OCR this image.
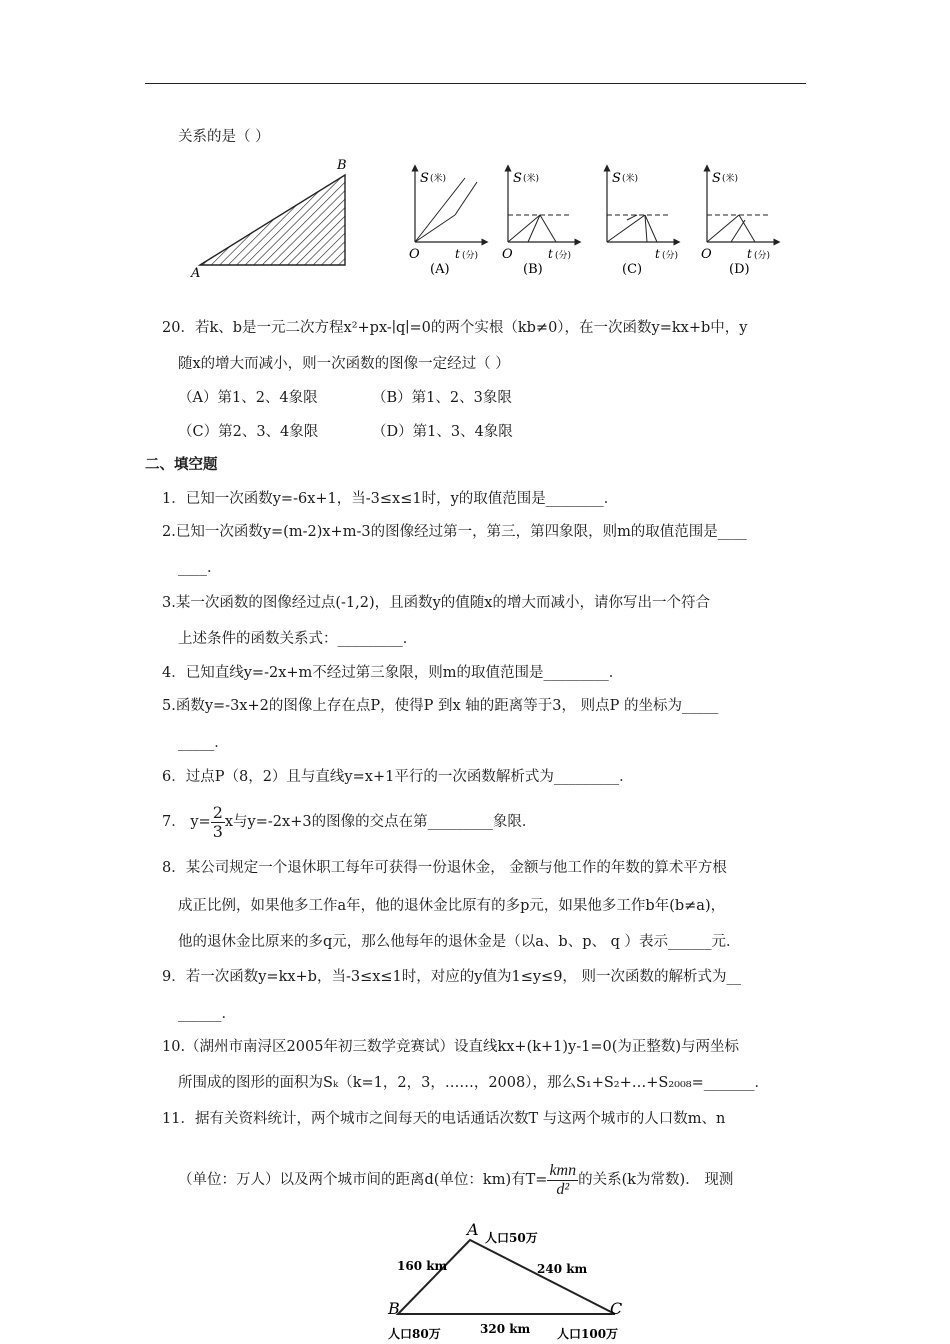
关系的是（ ）
A
B
S (米)
O	t (分)
(A)
S (米)
O	t (分)
(B)
S (米)
t (分)
(C)
S (米)
O	t (分)
(D)
20．若k、b是一元二次方程x²+px-∣q∣=0的两个实根（kb≠0），在一次函数y=kx+b中，y
随x的增大而减小，则一次函数的图像一定经过（ ）
（A）第1、2、4象限	（B）第1、2、3象限
（C）第2、3、4象限	（D）第1、3、4象限
二、填空题
1．已知一次函数y=-6x+1，当-3≤x≤1时，y的取值范围是________．
2.已知一次函数y=(m-2)x+m-3的图像经过第一，第三，第四象限，则m的取值范围是____
____．
3.某一次函数的图像经过点(-1,2)，且函数y的值随x的增大而减小，请你写出一个符合
上述条件的函数关系式：_________．
4．已知直线y=-2x+m不经过第三象限，则m的取值范围是_________．
5.函数y=-3x+2的图像上存在点P，使得P 到x 轴的距离等于3， 则点P 的坐标为_____
_____．
6．过点P（8，2）且与直线y=x+1平行的一次函数解析式为_________．
7． $y= \frac{2}{3}$ x与y=-2x+3的图像的交点在第_________象限．
8．某公司规定一个退休职工每年可获得一份退休金， 金额与他工作的年数的算术平方根
成正比例，如果他多工作a年，他的退休金比原有的多p元，如果他多工作b年(b≠a)，
他的退休金比原来的多q元，那么他每年的退休金是（以a、b、p、 q ）表示______元．
9．若一次函数y=kx+b，当-3≤x≤1时，对应的y值为1≤y≤9， 则一次函数的解析式为__
______．
10.（湖州市南浔区2005年初三数学竞赛试）设直线kx+(k+1)y-1=0(为正整数)与两坐标
所围成的图形的面积为Sₖ（k=1，2，3，……，2008），那么S₁+S₂+…+S₂₀₀₈=_______．
11．据有关资料统计，两个城市之间每天的电话通话次数T 与这两个城市的人口数m、n
（单位：万人）以及两个城市间的距离d(单位：km)有$T= \frac{\text{kmn}}{\text{d²}}$ 的关系(k为常数)． 现测
A 人口50万
B
人口80万
C
人口100万
160 km	240 km
320 km
